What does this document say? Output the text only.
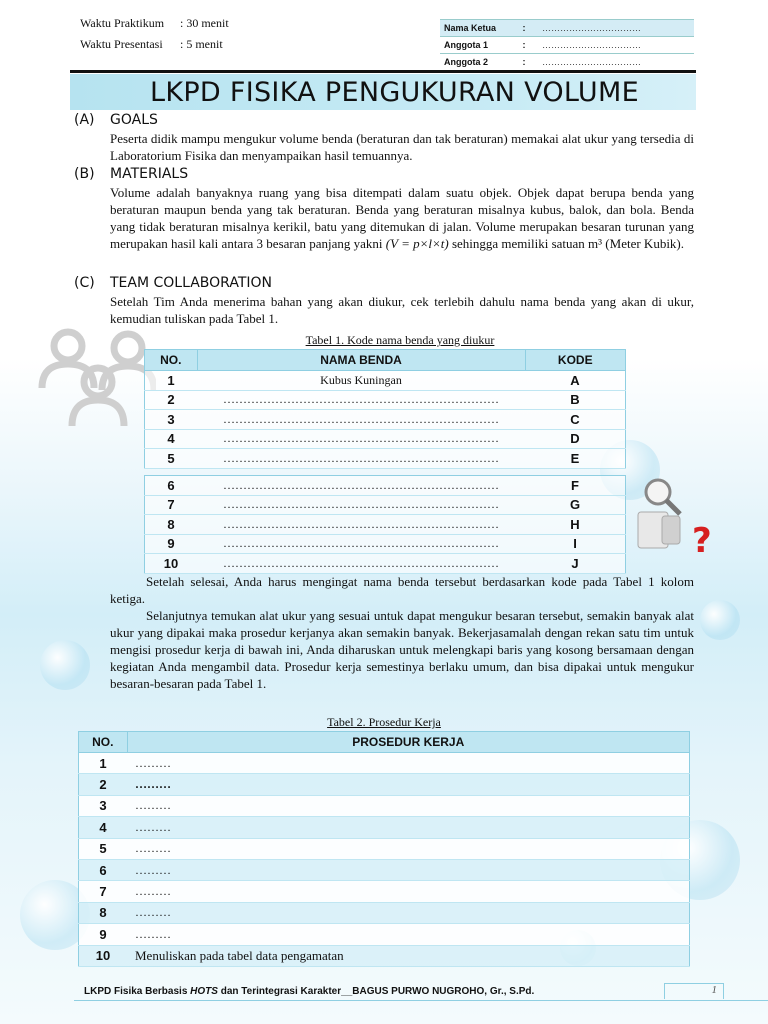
Waktu Praktikum : 30 menit
Waktu Presentasi : 5 menit
Nama Ketua	:	……………………………
Anggota 1	:	……………………………
Anggota 2	:	……………………………
LKPD FISIKA PENGUKURAN VOLUME
(A) GOALS
Peserta didik mampu mengukur volume benda (beraturan dan tak beraturan) memakai alat ukur yang tersedia di Laboratorium Fisika dan menyampaikan hasil temuannya.
(B) MATERIALS
Volume adalah banyaknya ruang yang bisa ditempati dalam suatu objek. Objek dapat berupa benda yang beraturan maupun benda yang tak beraturan. Benda yang beraturan misalnya kubus, balok, dan bola. Benda yang tidak beraturan misalnya kerikil, batu yang ditemukan di jalan. Volume merupakan besaran turunan yang merupakan hasil kali antara 3 besaran panjang yakni (V = p×l×t) sehingga memiliki satuan m³ (Meter Kubik).
(C) TEAM COLLABORATION
Setelah Tim Anda menerima bahan yang akan diukur, cek terlebih dahulu nama benda yang akan di ukur, kemudian tuliskan pada Tabel 1.
Tabel 1. Kode nama benda yang diukur
NO.	NAMA BENDA	KODE
1	Kubus Kuningan	A
2	……………………………………………………………	B
3	……………………………………………………………	C
4	……………………………………………………………	D
5	……………………………………………………………	E
6	……………………………………………………………	F
7	……………………………………………………………	G
8	……………………………………………………………	H
9	……………………………………………………………	I
10	……………………………………………………………	J
?
Setelah selesai, Anda harus mengingat nama benda tersebut berdasarkan kode pada Tabel 1 kolom ketiga.
Selanjutnya temukan alat ukur yang sesuai untuk dapat mengukur besaran tersebut, semakin banyak alat ukur yang dipakai maka prosedur kerjanya akan semakin banyak. Bekerjasamalah dengan rekan satu tim untuk mengisi prosedur kerja di bawah ini, Anda diharuskan untuk melengkapi baris yang kosong bersamaan dengan kegiatan Anda mengambil data. Prosedur kerja semestinya berlaku umum, dan bisa dipakai untuk mengukur besaran-besaran pada Tabel 1.
Tabel 2. Prosedur Kerja
NO.	PROSEDUR KERJA
1	………
2	………
3	………
4	………
5	………
6	………
7	………
8	………
9	………
10	Menuliskan pada tabel data pengamatan
LKPD Fisika Berbasis HOTS dan Terintegrasi Karakter__BAGUS PURWO NUGROHO, Gr., S.Pd.	1
